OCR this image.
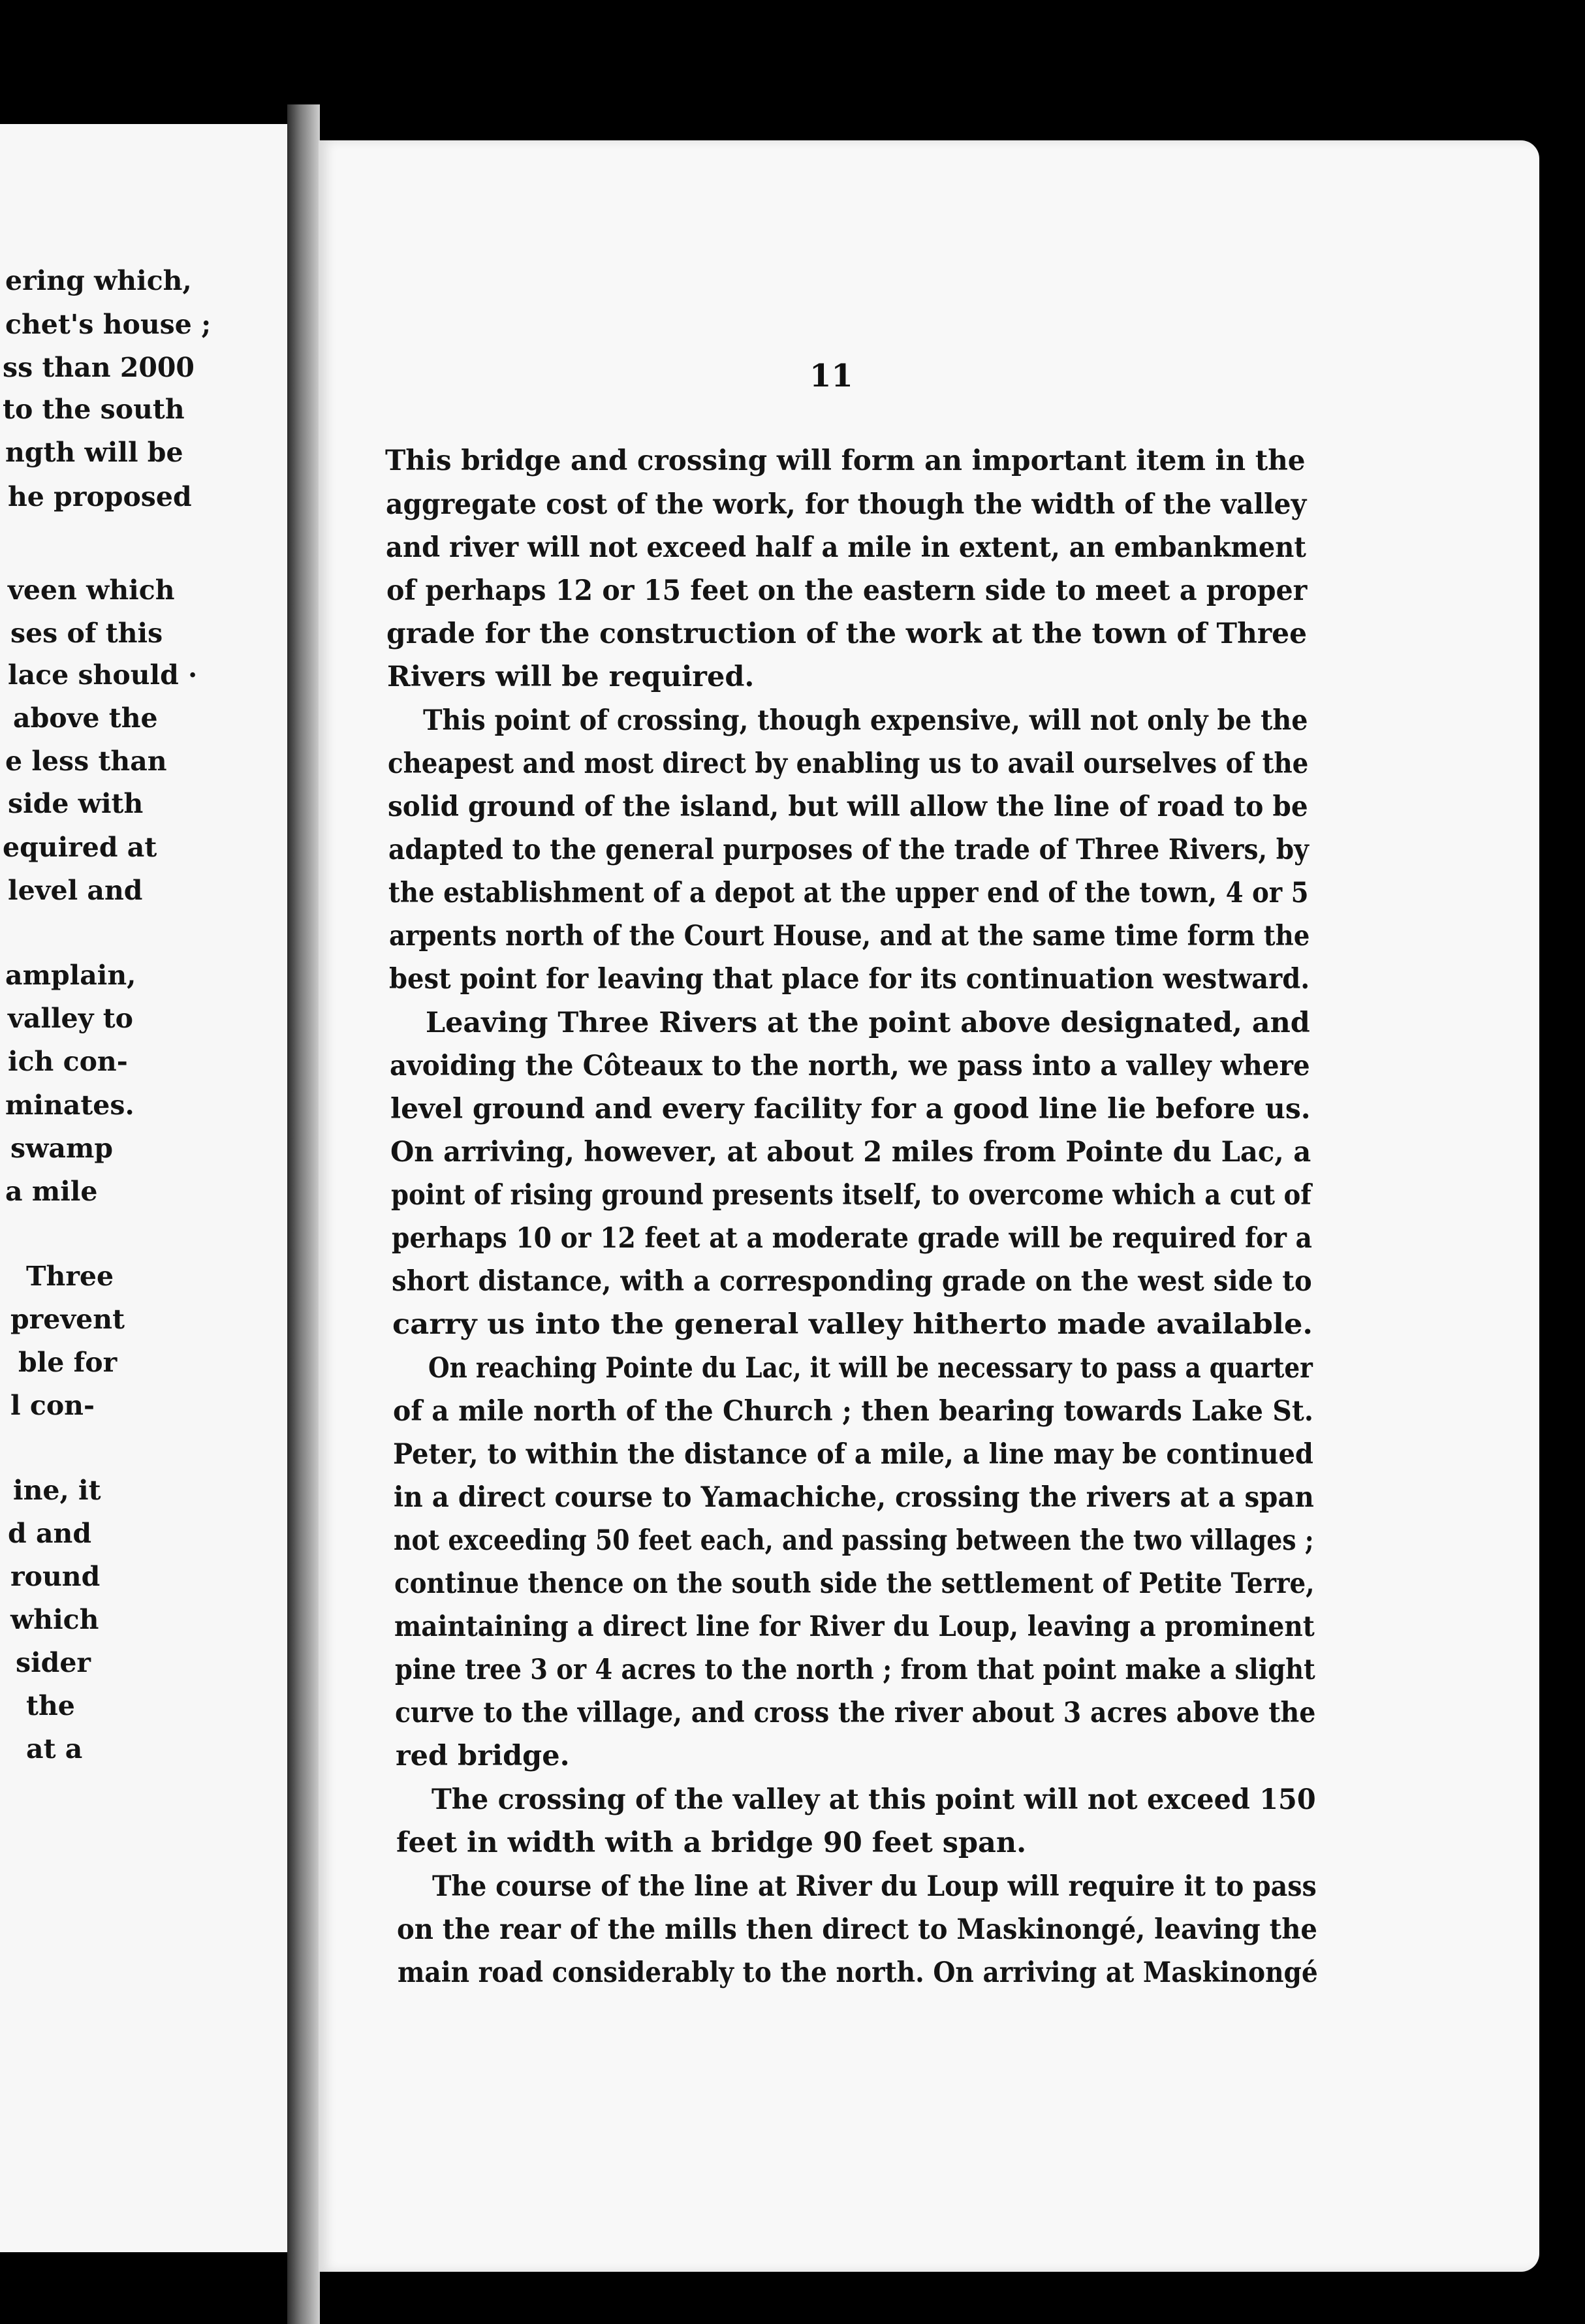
ering which,
chet's house ;
ss than 2000
to the south
ngth will be
he proposed
veen which
ses of this
lace should ·
above the
e less than
side with
equired at
level and
amplain,
valley to
ich con-
minates.
swamp
a mile
Three
prevent
ble for
l con-
ine, it
d and
round
which
sider
the
at a
11
This bridge and crossing will form an important item in the
aggregate cost of the work, for though the width of the valley
and river will not exceed half a mile in extent, an embankment
of perhaps 12 or 15 feet on the eastern side to meet a proper
grade for the construction of the work at the town of Three
Rivers will be required.
This point of crossing, though expensive, will not only be the
cheapest and most direct by enabling us to avail ourselves of the
solid ground of the island, but will allow the line of road to be
adapted to the general purposes of the trade of Three Rivers, by
the establishment of a depot at the upper end of the town, 4 or 5
arpents north of the Court House, and at the same time form the
best point for leaving that place for its continuation westward.
Leaving Three Rivers at the point above designated, and
avoiding the Côteaux to the north, we pass into a valley where
level ground and every facility for a good line lie before us.
On arriving, however, at about 2 miles from Pointe du Lac, a
point of rising ground presents itself, to overcome which a cut of
perhaps 10 or 12 feet at a moderate grade will be required for a
short distance, with a corresponding grade on the west side to
carry us into the general valley hitherto made available.
On reaching Pointe du Lac, it will be necessary to pass a quarter
of a mile north of the Church ; then bearing towards Lake St.
Peter, to within the distance of a mile, a line may be continued
in a direct course to Yamachiche, crossing the rivers at a span
not exceeding 50 feet each, and passing between the two villages ;
continue thence on the south side the settlement of Petite Terre,
maintaining a direct line for River du Loup, leaving a prominent
pine tree 3 or 4 acres to the north ; from that point make a slight
curve to the village, and cross the river about 3 acres above the
red bridge.
The crossing of the valley at this point will not exceed 150
feet in width with a bridge 90 feet span.
The course of the line at River du Loup will require it to pass
on the rear of the mills then direct to Maskinongé, leaving the
main road considerably to the north. On arriving at Maskinongé
